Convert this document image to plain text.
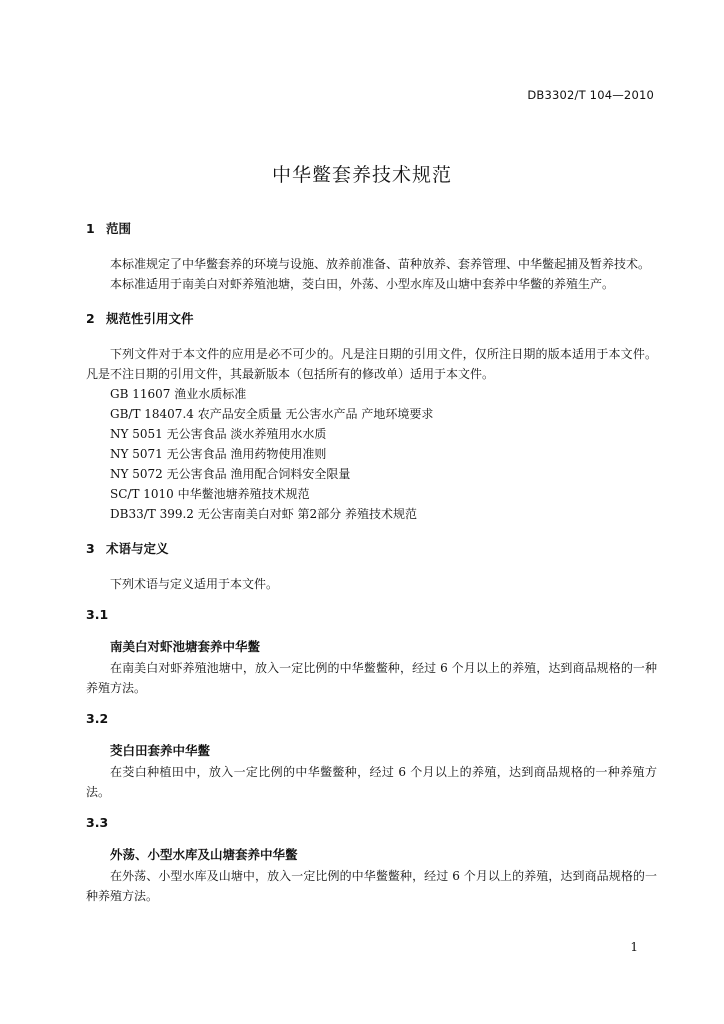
DB3302/T 104—2010
中华鳖套养技术规范
1 范围
本标准规定了中华鳖套养的环境与设施、放养前准备、苗种放养、套养管理、中华鳖起捕及暂养技术。
本标准适用于南美白对虾养殖池塘，茭白田，外荡、小型水库及山塘中套养中华鳖的养殖生产。
2 规范性引用文件
下列文件对于本文件的应用是必不可少的。凡是注日期的引用文件，仅所注日期的版本适用于本文件。凡是不注日期的引用文件，其最新版本（包括所有的修改单）适用于本文件。
GB 11607 渔业水质标准
GB/T 18407.4 农产品安全质量 无公害水产品 产地环境要求
NY 5051 无公害食品 淡水养殖用水水质
NY 5071 无公害食品 渔用药物使用准则
NY 5072 无公害食品 渔用配合饲料安全限量
SC/T 1010 中华鳖池塘养殖技术规范
DB33/T 399.2 无公害南美白对虾 第2部分 养殖技术规范
3 术语与定义
下列术语与定义适用于本文件。
3.1
南美白对虾池塘套养中华鳖
在南美白对虾养殖池塘中，放入一定比例的中华鳖鳖种，经过 6 个月以上的养殖，达到商品规格的一种养殖方法。
3.2
茭白田套养中华鳖
在茭白种植田中，放入一定比例的中华鳖鳖种，经过 6 个月以上的养殖，达到商品规格的一种养殖方法。
3.3
外荡、小型水库及山塘套养中华鳖
在外荡、小型水库及山塘中，放入一定比例的中华鳖鳖种，经过 6 个月以上的养殖，达到商品规格的一种养殖方法。
1
